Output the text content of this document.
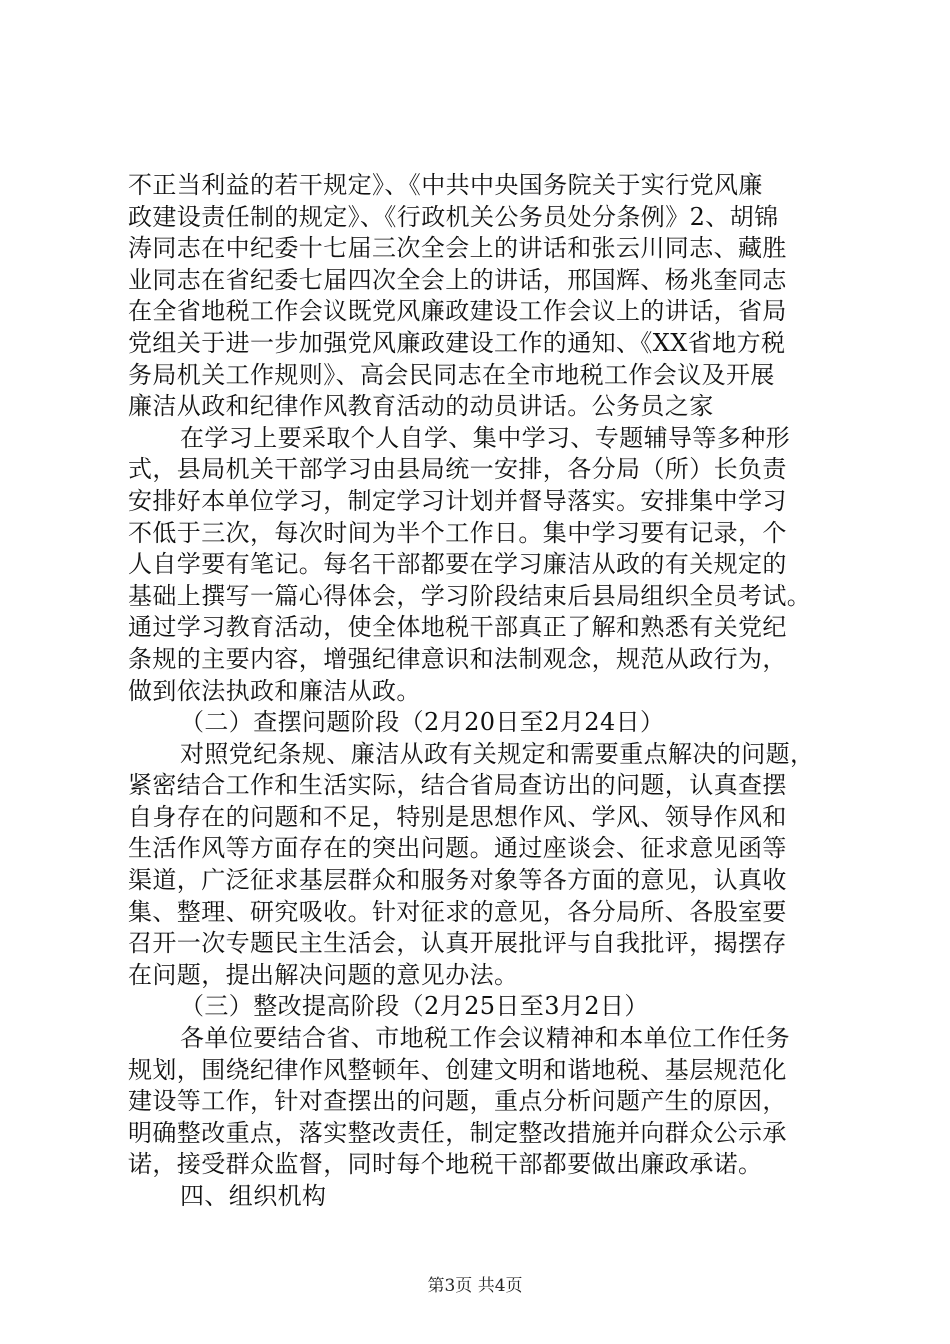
不正当利益的若干规定》、《中共中央国务院关于实行党风廉
政建设责任制的规定》、《行政机关公务员处分条例》2、胡锦
涛同志在中纪委十七届三次全会上的讲话和张云川同志、藏胜
业同志在省纪委七届四次全会上的讲话，邢国辉、杨兆奎同志
在全省地税工作会议既党风廉政建设工作会议上的讲话，省局
党组关于进一步加强党风廉政建设工作的通知、《XX省地方税
务局机关工作规则》、高会民同志在全市地税工作会议及开展
廉洁从政和纪律作风教育活动的动员讲话。公务员之家
在学习上要采取个人自学、集中学习、专题辅导等多种形
式，县局机关干部学习由县局统一安排，各分局（所）长负责
安排好本单位学习，制定学习计划并督导落实。安排集中学习
不低于三次，每次时间为半个工作日。集中学习要有记录，个
人自学要有笔记。每名干部都要在学习廉洁从政的有关规定的
基础上撰写一篇心得体会，学习阶段结束后县局组织全员考试。
通过学习教育活动，使全体地税干部真正了解和熟悉有关党纪
条规的主要内容，增强纪律意识和法制观念，规范从政行为，
做到依法执政和廉洁从政。
（二）查摆问题阶段（2月20日至2月24日）
对照党纪条规、廉洁从政有关规定和需要重点解决的问题，
紧密结合工作和生活实际，结合省局查访出的问题，认真查摆
自身存在的问题和不足，特别是思想作风、学风、领导作风和
生活作风等方面存在的突出问题。通过座谈会、征求意见函等
渠道，广泛征求基层群众和服务对象等各方面的意见，认真收
集、整理、研究吸收。针对征求的意见，各分局所、各股室要
召开一次专题民主生活会，认真开展批评与自我批评，揭摆存
在问题，提出解决问题的意见办法。
（三）整改提高阶段（2月25日至3月2日）
各单位要结合省、市地税工作会议精神和本单位工作任务
规划，围绕纪律作风整顿年、创建文明和谐地税、基层规范化
建设等工作，针对查摆出的问题，重点分析问题产生的原因，
明确整改重点，落实整改责任，制定整改措施并向群众公示承
诺，接受群众监督，同时每个地税干部都要做出廉政承诺。
四、组织机构
第3页 共4页
